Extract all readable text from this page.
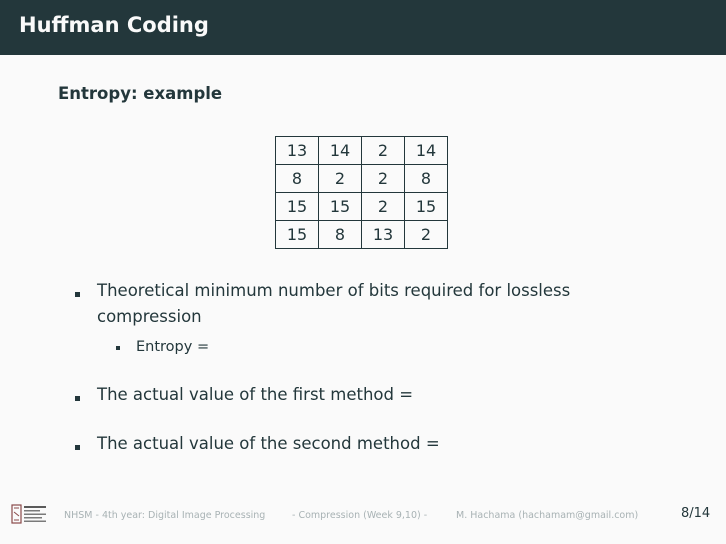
Huffman Coding
Entropy: example
13	14	2	14
8	2	2	8
15	15	2	15
15	8	13	2
Theoretical minimum number of bits required for lossless
compression
Entropy =
The actual value of the first method =
The actual value of the second method =
NHSM - 4th year: Digital Image Processing	- Compression (Week 9,10) -	M. Hachama (hachamam@gmail.com)	8/14
